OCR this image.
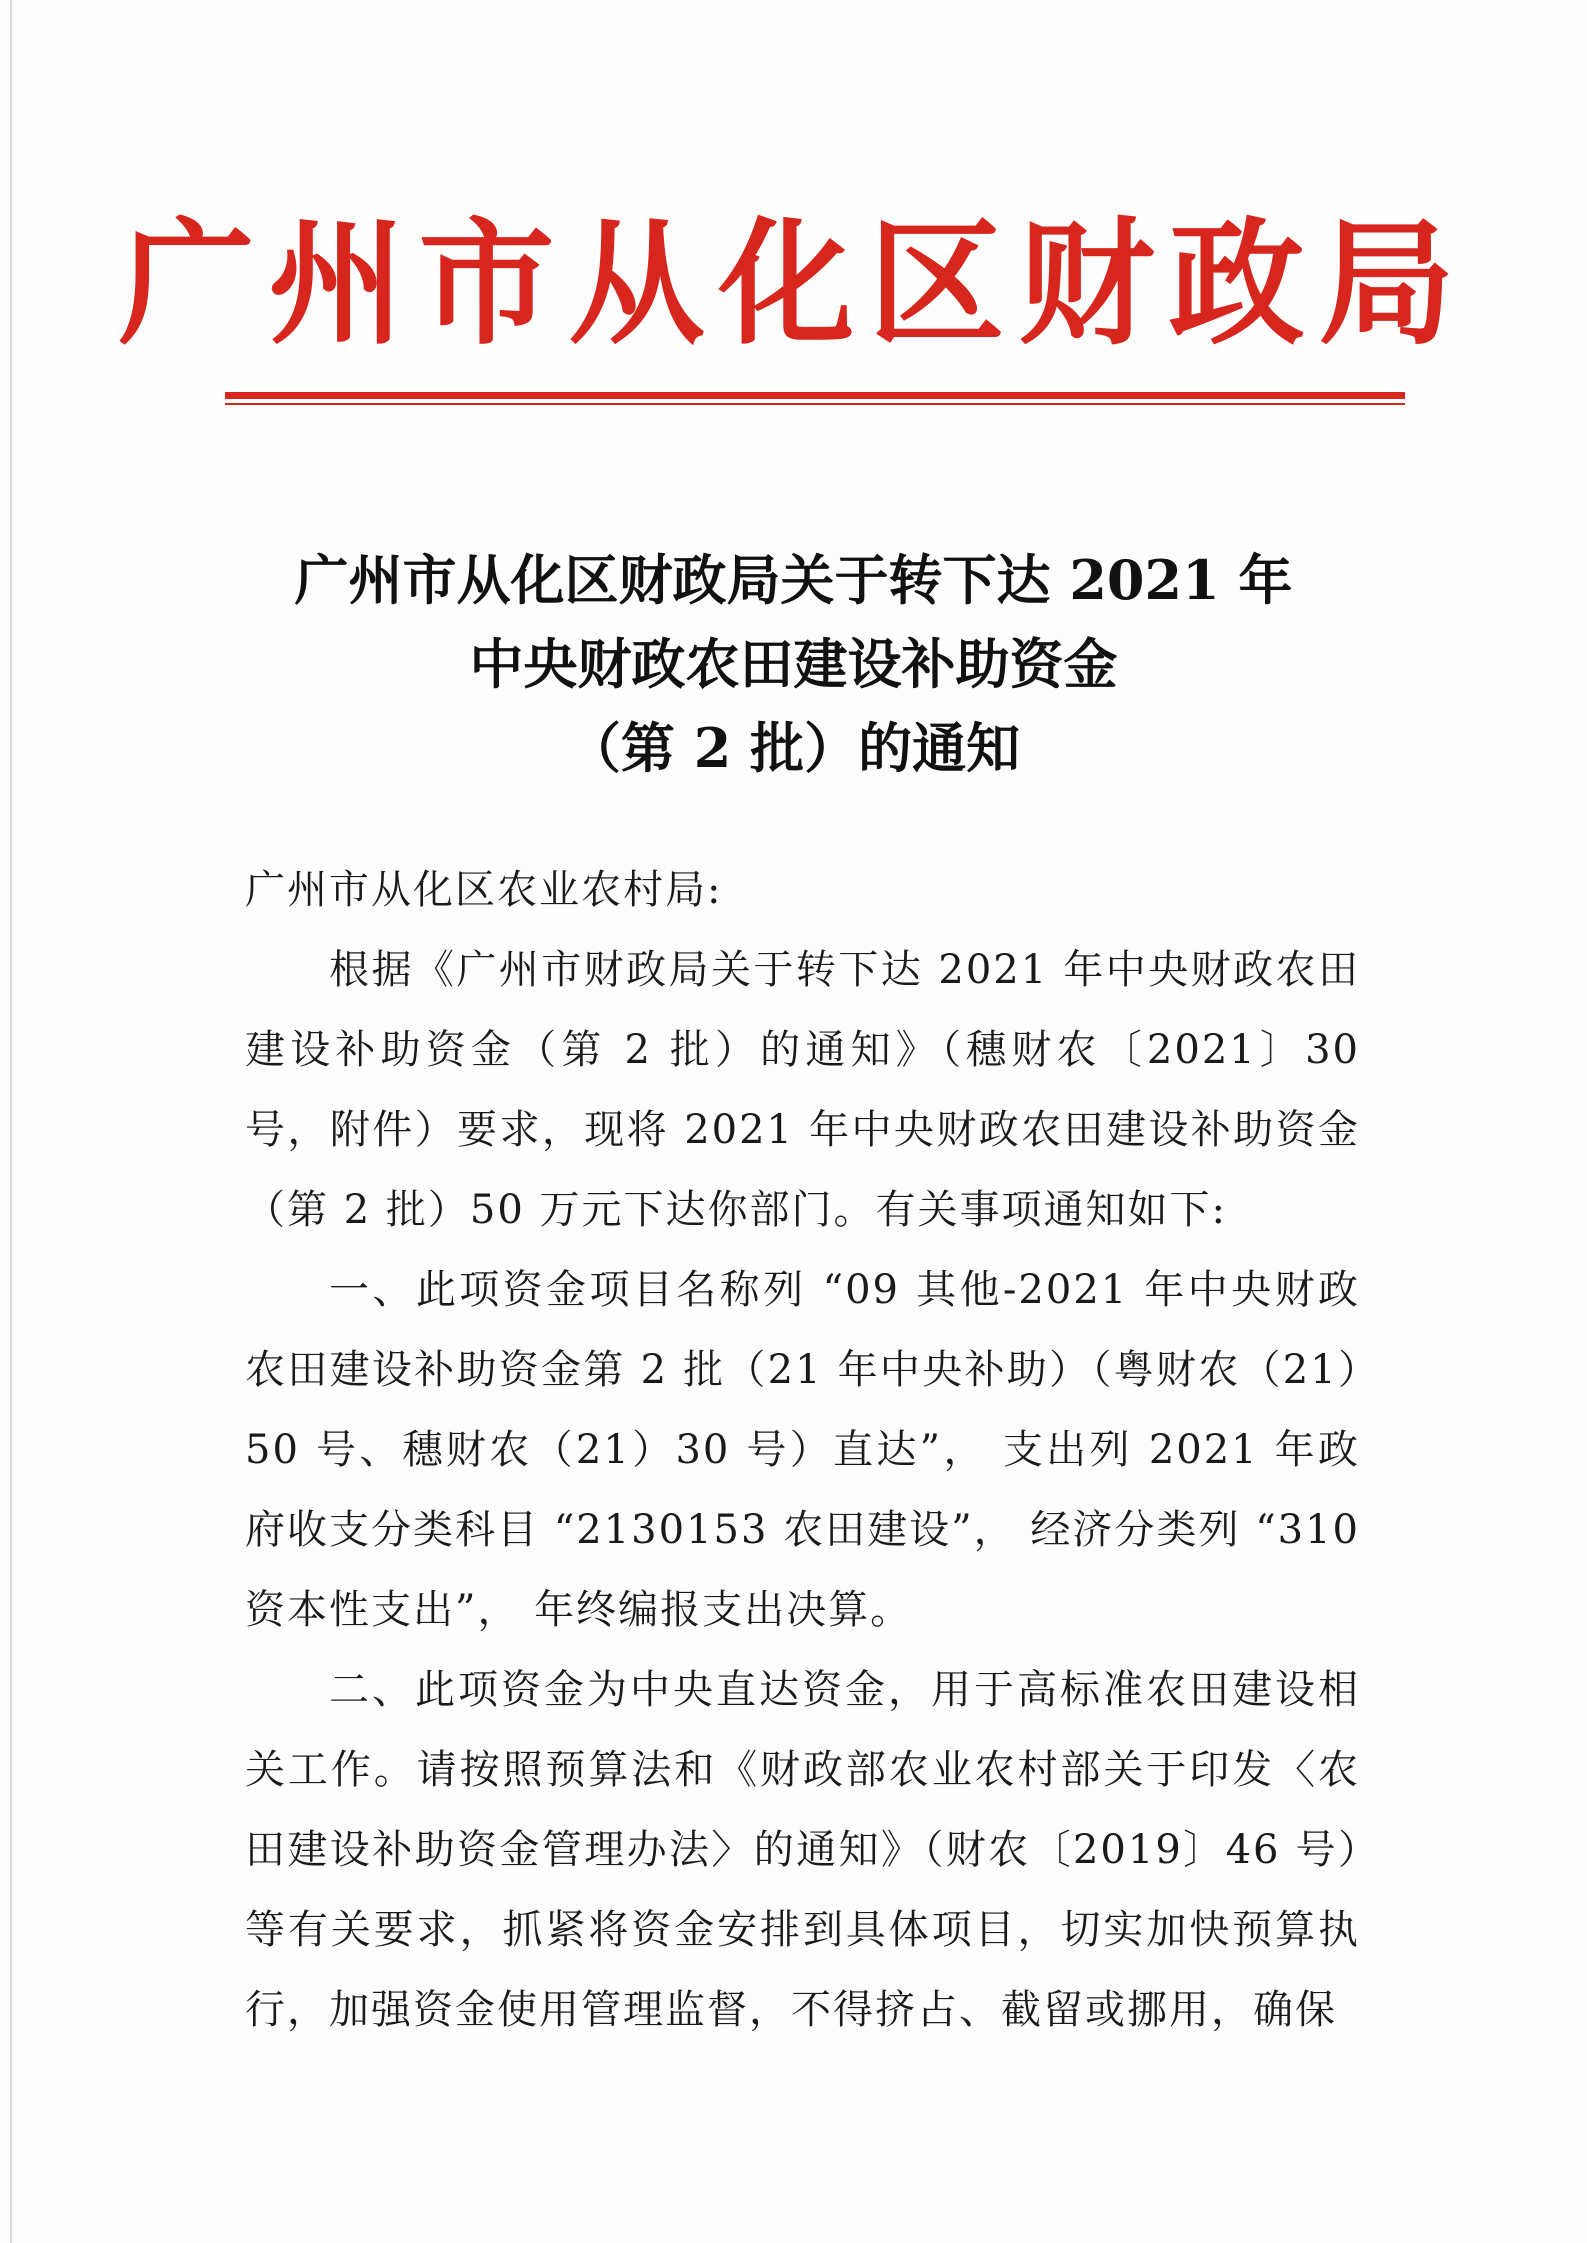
广州市从化区财政局
广州市从化区财政局关于转下达 2021 年
中央财政农田建设补助资金
（第 2 批）的通知
广州市从化区农业农村局:

根据《广州市财政局关于转下达 2021 年中央财政农田建设补助资金（第 2 批）的通知》（穗财农〔2021〕30 号，附件）要求，现将 2021 年中央财政农田建设补助资金（第 2 批）50 万元下达你部门。有关事项通知如下:

一、此项资金项目名称列 “09 其他-2021 年中央财政农田建设补助资金第 2 批（21 年中央补助）（粤财农（21）50 号、穗财农（21）30 号）直达”， 支出列 2021 年政府收支分类科目 “2130153 农田建设”， 经济分类列 “310 资本性支出”， 年终编报支出决算。

二、此项资金为中央直达资金，用于高标准农田建设相关工作。请按照预算法和《财政部农业农村部关于印发〈农田建设补助资金管理办法〉的通知》（财农〔2019〕46 号）等有关要求，抓紧将资金安排到具体项目，切实加快预算执行，加强资金使用管理监督，不得挤占、截留或挪用，确保
